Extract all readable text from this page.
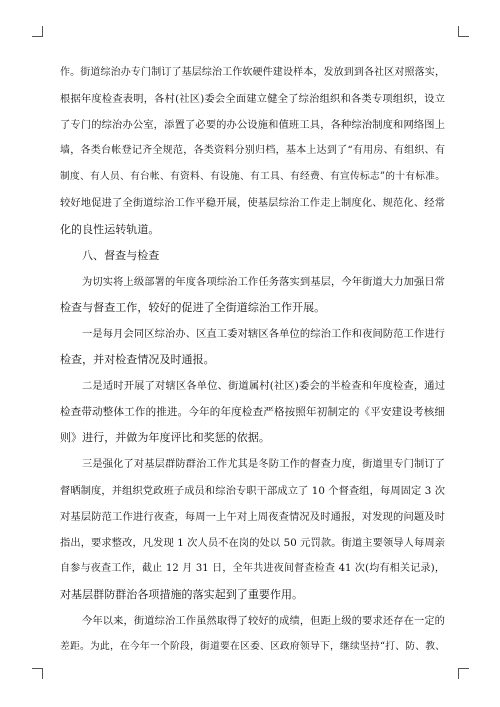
作。街道综治办专门制订了基层综治工作软硬件建设样本，发放到到各社区对照落实，
根据年度检查表明，各村(社区)委会全面建立健全了综治组织和各类专项组织，设立
了专门的综治办公室，添置了必要的办公设施和值班工具，各种综治制度和网络图上
墙，各类台帐登记齐全规范，各类资料分别归档，基本上达到了“有用房、有组织、有
制度、有人员、有台帐、有资料、有设施、有工具、有经费、有宣传标志”的十有标准。
较好地促进了全街道综治工作平稳开展，使基层综治工作走上制度化、规范化、经常
化的良性运转轨道。
八、督查与检查
为切实将上级部署的年度各项综治工作任务落实到基层，今年街道大力加强日常
检查与督查工作，较好的促进了全街道综治工作开展。
一是每月会同区综治办、区直工委对辖区各单位的综治工作和夜间防范工作进行
检查，并对检查情况及时通报。
二是适时开展了对辖区各单位、街道属村(社区)委会的半检查和年度检查，通过
检查带动整体工作的推进。今年的年度检查严格按照年初制定的《平安建设考核细
则》进行，并做为年度评比和奖惩的依据。
三是强化了对基层群防群治工作尤其是冬防工作的督查力度，街道里专门制订了
督晒制度，并组织党政班子成员和综治专职干部成立了 10 个督查组，每周固定 3 次
对基层防范工作进行夜查，每周一上午对上周夜查情况及时通报，对发现的问题及时
指出，要求整改，凡发现 1 次人员不在岗的处以 50 元罚款。街道主要领导人每周亲
自参与夜查工作，截止 12 月 31 日，全年共进夜间督查检查 41 次(均有相关记录)，
对基层群防群治各项措施的落实起到了重要作用。
今年以来，街道综治工作虽然取得了较好的成绩，但距上级的要求还存在一定的
差距。为此，在今年一个阶段，街道要在区委、区政府领导下，继续坚持“打、防、教、
